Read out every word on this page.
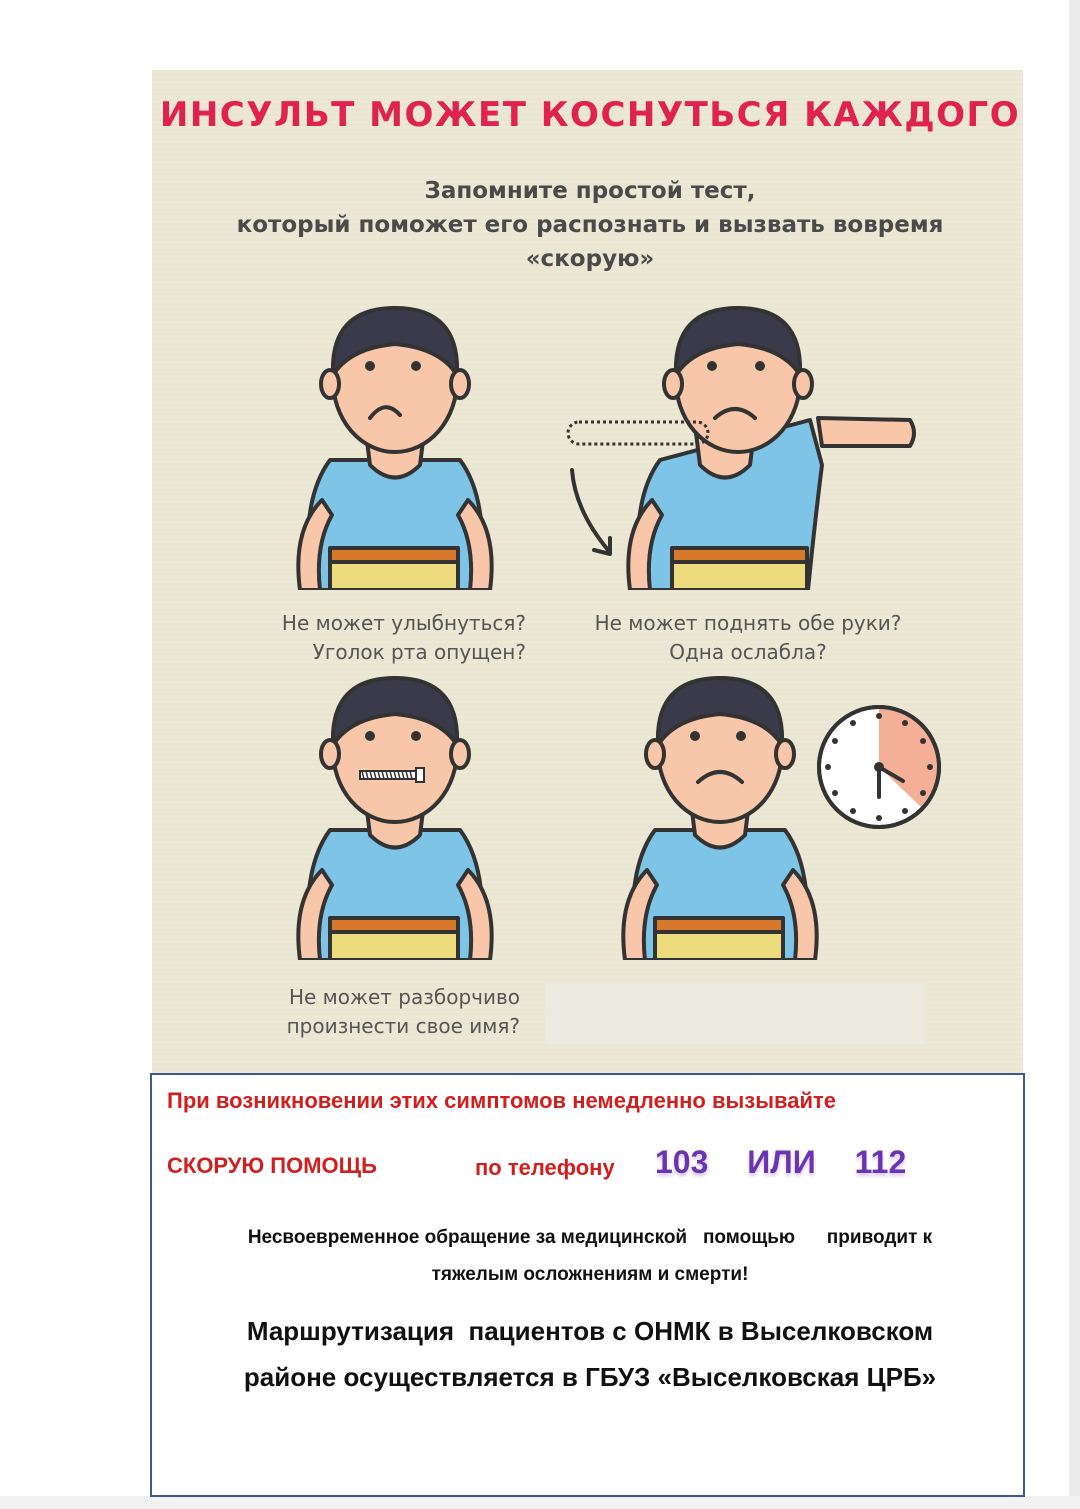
ИНСУЛЬТ МОЖЕТ КОСНУТЬСЯ КАЖДОГО
Запомните простой тест,
который поможет его распознать и вызвать вовремя
«скорую»
Не может улыбнуться?
Уголок рта опущен?
Не может поднять обе руки?
Одна ослабла?
Не может разборчиво
произнести свое имя?
При возникновении этих симптомов немедленно вызывайте
СКОРУЮ ПОМОЩЬ	по телефону 103 ИЛИ 112
Несвоевременное обращение за медицинской   помощью      приводит к
тяжелым осложнениям и смерти!
Маршрутизация  пациентов с ОНМК в Выселковском
районе осуществляется в ГБУЗ «Выселковская ЦРБ»
